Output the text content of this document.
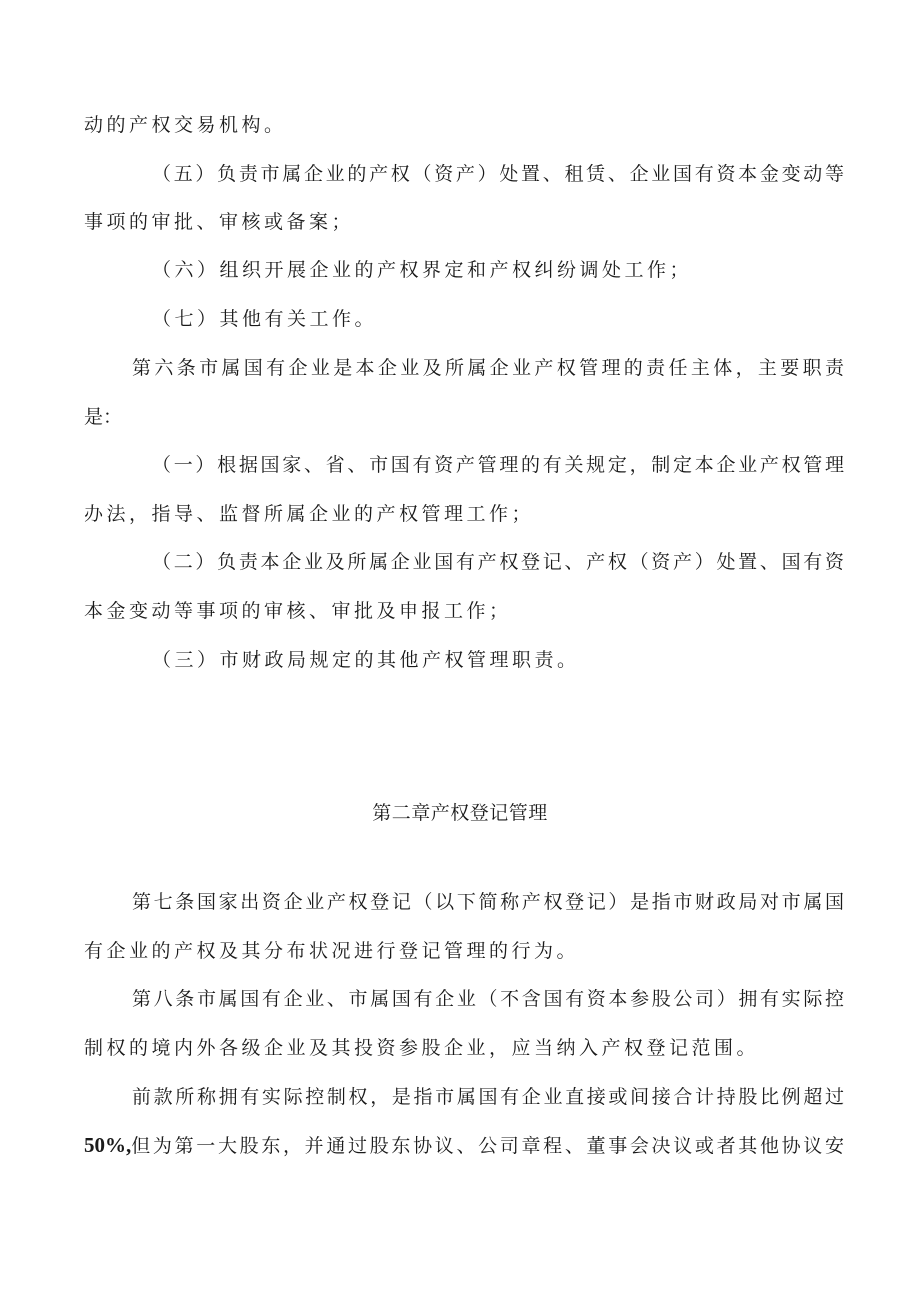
动的产权交易机构。
（五）负责市属企业的产权（资产）处置、租赁、企业国有资本金变动等
事项的审批、审核或备案；
（六）组织开展企业的产权界定和产权纠纷调处工作；
（七）其他有关工作。
第六条市属国有企业是本企业及所属企业产权管理的责任主体，主要职责
是：
（一）根据国家、省、市国有资产管理的有关规定，制定本企业产权管理
办法，指导、监督所属企业的产权管理工作；
（二）负责本企业及所属企业国有产权登记、产权（资产）处置、国有资
本金变动等事项的审核、审批及申报工作；
（三）市财政局规定的其他产权管理职责。
第二章产权登记管理
第七条国家出资企业产权登记（以下简称产权登记）是指市财政局对市属国
有企业的产权及其分布状况进行登记管理的行为。
第八条市属国有企业、市属国有企业（不含国有资本参股公司）拥有实际控
制权的境内外各级企业及其投资参股企业，应当纳入产权登记范围。
前款所称拥有实际控制权，是指市属国有企业直接或间接合计持股比例超过
50%, 但为第一大股东，并通过股东协议、公司章程、董事会决议或者其他协议安
